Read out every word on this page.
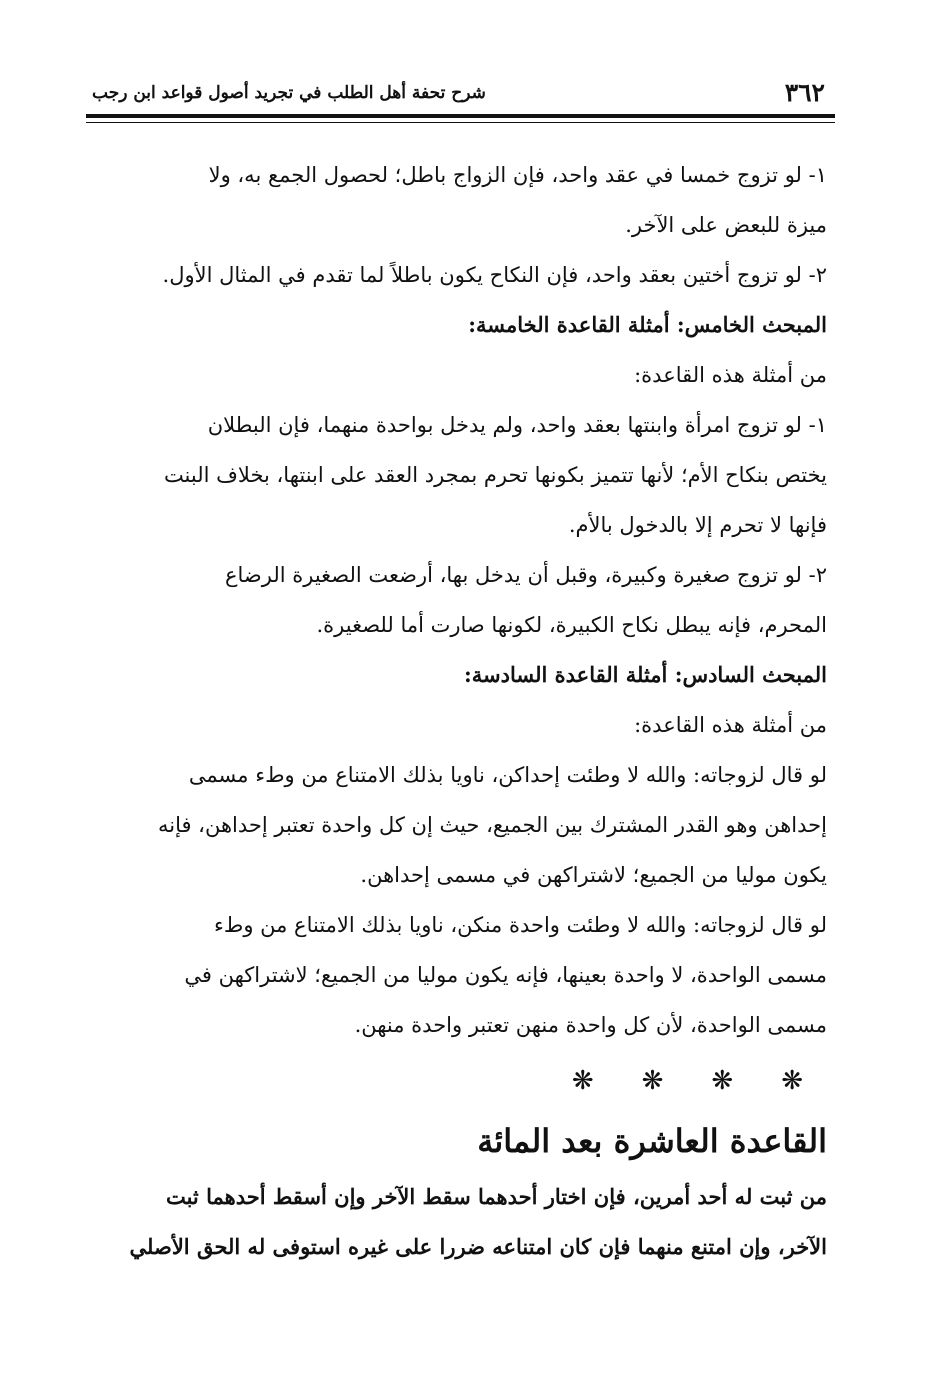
٣٦٢
شرح تحفة أهل الطلب في تجريد أصول قواعد ابن رجب
١- لو تزوج خمسا في عقد واحد، فإن الزواج باطل؛ لحصول الجمع به، ولا
ميزة للبعض على الآخر.
٢- لو تزوج أختين بعقد واحد، فإن النكاح يكون باطلاً لما تقدم في المثال الأول.
المبحث الخامس: أمثلة القاعدة الخامسة:
من أمثلة هذه القاعدة:
١- لو تزوج امرأة وابنتها بعقد واحد، ولم يدخل بواحدة منهما، فإن البطلان
يختص بنكاح الأم؛ لأنها تتميز بكونها تحرم بمجرد العقد على ابنتها، بخلاف البنت
فإنها لا تحرم إلا بالدخول بالأم.
٢- لو تزوج صغيرة وكبيرة، وقبل أن يدخل بها، أرضعت الصغيرة الرضاع
المحرم، فإنه يبطل نكاح الكبيرة، لكونها صارت أما للصغيرة.
المبحث السادس: أمثلة القاعدة السادسة:
من أمثلة هذه القاعدة:
لو قال لزوجاته: والله لا وطئت إحداكن، ناويا بذلك الامتناع من وطء مسمى
إحداهن وهو القدر المشترك بين الجميع، حيث إن كل واحدة تعتبر إحداهن، فإنه
يكون موليا من الجميع؛ لاشتراكهن في مسمى إحداهن.
لو قال لزوجاته: والله لا وطئت واحدة منكن، ناويا بذلك الامتناع من وطء
مسمى الواحدة، لا واحدة بعينها، فإنه يكون موليا من الجميع؛ لاشتراكهن في
مسمى الواحدة، لأن كل واحدة منهن تعتبر واحدة منهن.
❋ ❋ ❋ ❋
القاعدة العاشرة بعد المائة
من ثبت له أحد أمرين، فإن اختار أحدهما سقط الآخر وإن أسقط أحدهما ثبت
الآخر، وإن امتنع منهما فإن كان امتناعه ضررا على غيره استوفى له الحق الأصلي
